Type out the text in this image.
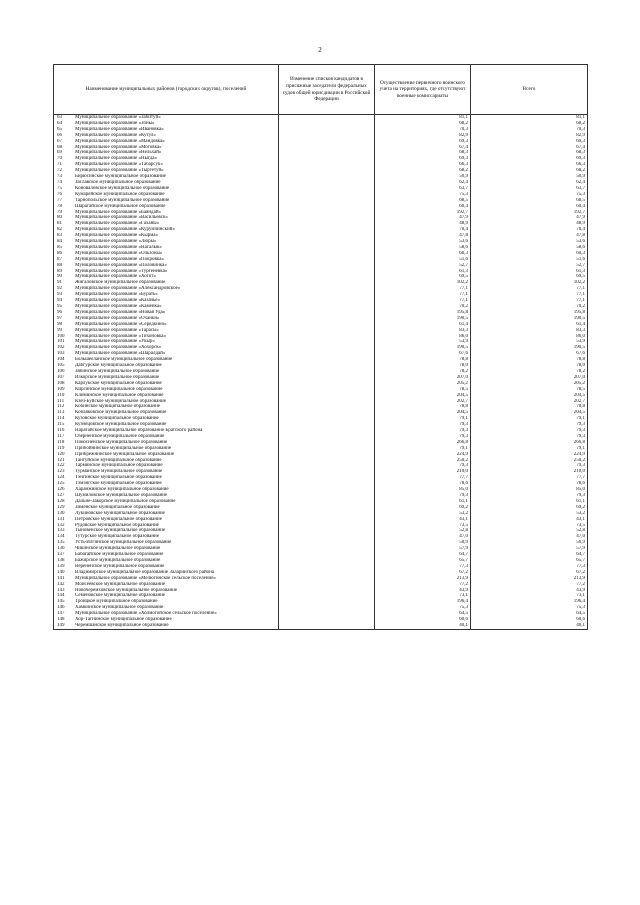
2
Наименование муниципальных районов (городских округов), поселений	Изменение списков кандидатов в присяжные заседатели федеральных судов общей юрисдикции в Российской Федерации	Осуществление первичного воинского учета на территориях, где отсутствуют военные комиссариаты	Всего
63 Муниципальное образование «Забитуй»		81,1	81,1
64 Муниципальное образование «Зоны»		68,2	68,2
65 Муниципальное образование «Ивановка»		70,3	70,3
66 Муниципальное образование «Кутул»		82,9	82,9
67 Муниципальное образование «Мандовка»		69,3	69,3
68 Муниципальное образование «Моговка»		67,4	67,4
69 Муниципальное образование «Нельхай»		68,3	68,3
70 Муниципальное образование «Ныгда»		69,3	69,3
71 Муниципальное образование «Табарсук»		66,3	66,3
72 Муниципальное образование «Тыргетуй»		68,2	68,2
73 Бирюсинское муниципальное образование		50,9	50,9
74 Заславское муниципальное образование		62,4	62,4
75 Коноваловское муниципальное образование		63,7	63,7
76 Кумарейское муниципальное образование		75,3	75,3
77 Тарнопольское муниципальное образование		68,5	68,5
78 Шарагайское муниципальное образование		60,4	60,4
79 Муниципальное образование «Баяндай»		192,7	192,7
80 Муниципальное образование «Васильевск»		47,9	47,9
81 Муниципальное образование «Гаханы»		48,9	48,9
82 Муниципальное образование «Курумчинский»		70,4	70,4
83 Муниципальное образование «Кырма»		47,8	47,8
84 Муниципальное образование «Люры»		53,6	53,6
85 Муниципальное образование «Нагалык»		58,6	58,6
86 Муниципальное образование «Ользоны»		60,3	60,3
87 Муниципальное образование «Покровка»		51,6	51,6
88 Муниципальное образование «Половинка»		52,7	52,7
89 Муниципальное образование «Тургеневка»		61,3	61,3
90 Муниципальное образование «Хогот»		69,5	69,5
91 Жигаловское муниципальное образование		102,2	102,2
92 Муниципальное образование «Александровское»		77,1	77,1
93 Муниципальное образование «Бурать»		77,1	77,1
94 Муниципальное образование «Казачье»		77,1	77,1
95 Муниципальное образование «Каменка»		70,2	70,2
96 Муниципальное образование «Новая Уда»		195,8	195,8
97 Муниципальное образование «Оханки»		190,5	190,5
98 Муниципальное образование «Середкино»		61,4	61,4
99 Муниципальное образование «Тарасы»		83,3	83,3
100 Муниципальное образование «Тихоновка»		86,0	86,0
101 Муниципальное образование «Укыр»		53,9	53,9
102 Муниципальное образование «Хохорск»		190,5	190,5
103 Муниципальное образование «Шаралдай»		67,6	67,6
104 Большееланское муниципальное образование		78,8	78,8
105 Дабгурское муниципальное образование		78,0	78,0
106 Зябинское муниципальное образование		78,2	78,2
107 Изкорское муниципальное образование		207,0	207,0
108 Карлукское муниципальное образование		205,2	205,2
109 Киргинское муниципальное образование		78,5	78,5
110 Климинское муниципальное образование		204,5	204,5
111 Кзеч-Буйское муниципальное образование		202,7	202,7
112 Кобинское муниципальное образование		78,8	78,8
113 Кобляковское муниципальное образование		204,5	204,5
114 Кузовское муниципальное образование		79,1	79,1
115 Кузнецовское муниципальное образование		79,3	79,3
116 Наратайское муниципальное образование Братского района		79,3	79,3
117 Озерненское муниципальное образование		79,3	79,3
118 Покосненское муниципальное образование		266,8	266,8
119 Прибойнинское муниципальное образование		79,1	79,1
120 Прибрежнинское муниципальное образование		224,9	224,9
121 Тангуйское муниципальное образование		250,2	250,2
122 Тарминское муниципальное образование		79,3	79,3
123 Турманское муниципальное образование		210,0	210,0
124 Тэнгинское муниципальное образование		77,7	77,7
125 Тэмэнгское муниципальное образование		78,6	78,6
126 Харанжинское муниципальное образование		85,0	85,0
127 Шумиловское муниципальное образование		79,3	79,3
128 Дальне-Закорское муниципальное образование		61,1	61,1
129 Зименское муниципальное образование		69,2	69,2
130 Лукиновское муниципальное образование		53,2	53,2
131 Петровское муниципальное образование		43,1	43,1
132 Рудовское муниципальное образование		73,5	73,5
133 Тыновенское муниципальное образование		52,8	52,8
134 Тутурское муниципальное образование		47,0	47,0
135 Усть-Илгинское муниципальное образование		50,9	50,9
136 Чикинское муниципальное образование		57,9	57,9
137 Бабагайское муниципальное образование		64,7	64,7
138 Бажирское муниципальное образование		65,7	65,7
139 Верененское муниципальное образование		77,3	77,3
140 Владимирское муниципальное образование Заларинского района		67,2	67,2
141 Муниципальное образование «Мелюгинское сельское поселение»		213,9	213,9
142 Моисеевское муниципальное образование		77,2	77,2
143 Новочеремховское муниципальное образование		43,9	43,9
144 Семеновское муниципальное образование		73,1	73,1
145 Троицкое муниципальное образование		196,4	196,4
146 Хамкинское муниципальное образование		75,3	75,3
147 Муниципальное образование «Холмогойское сельское поселение»		64,5	64,5
148 Хор-Тагнинское муниципальное образование		60,6	60,6
149 Черемшанское муниципальное образование		40,1	40,1
